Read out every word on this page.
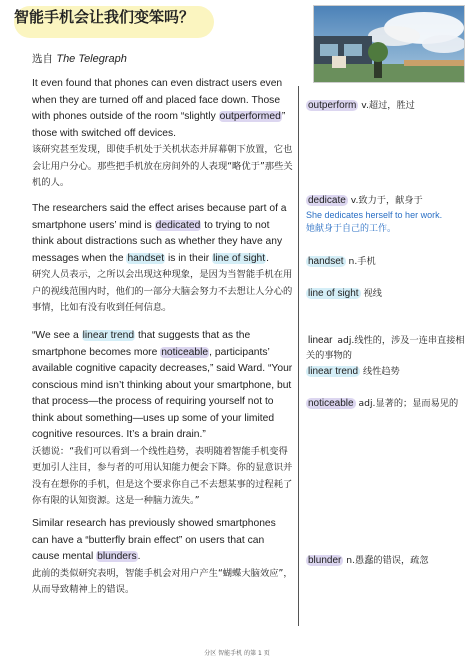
智能手机会让我们变笨吗？
选自 The Telegraph
It even found that phones can even distract users even when they are turned off and placed face down. Those with phones outside of the room “slightly outperformed” those with switched off devices.
该研究甚至发现，即使手机处于关机状态并屏幕朝下放置，它也会让用户分心。那些把手机放在房间外的人表现“略优于”那些关机的人。
The researchers said the effect arises because part of a smartphone users’ mind is dedicated to trying to not think about distractions such as whether they have any messages when the handset is in their line of sight.
研究人员表示，之所以会出现这种现象，是因为当智能手机在用户的视线范围内时，他们的一部分大脑会努力不去想让人分心的事情，比如有没有收到任何信息。
“We see a linear trend that suggests that as the smartphone becomes more noticeable, participants’ available cognitive capacity decreases,” said Ward. “Your conscious mind isn’t thinking about your smartphone, but that process—the process of requiring yourself not to think about something—uses up some of your limited cognitive resources. It’s a brain drain.”
沃德说：“我们可以看到一个线性趋势，表明随着智能手机变得更加引人注目，参与者的可用认知能力便会下降。你的显意识并没有在想你的手机，但是这个要求你自己不去想某事的过程耗了你有限的认知资源。这是一种脑力流失。”
Similar research has previously showed smartphones can have a “butterfly brain effect” on users that can cause mental blunders.
此前的类似研究表明，智能手机会对用户产生“蝴蝶大脑效应”，从而导致精神上的错误。
outperform v.超过，胜过
dedicate v.致力于，献身于
She dedicates herself to her work.
她献身于自己的工作。
handset n.手机
line of sight 视线
linear adj.线性的，涉及一连串直接相关的事物的
linear trend 线性趋势
noticeable adj.显著的；显而易见的
blunder n.愚蠢的错误，疏忽
分区 智能手机 的第 1 页
